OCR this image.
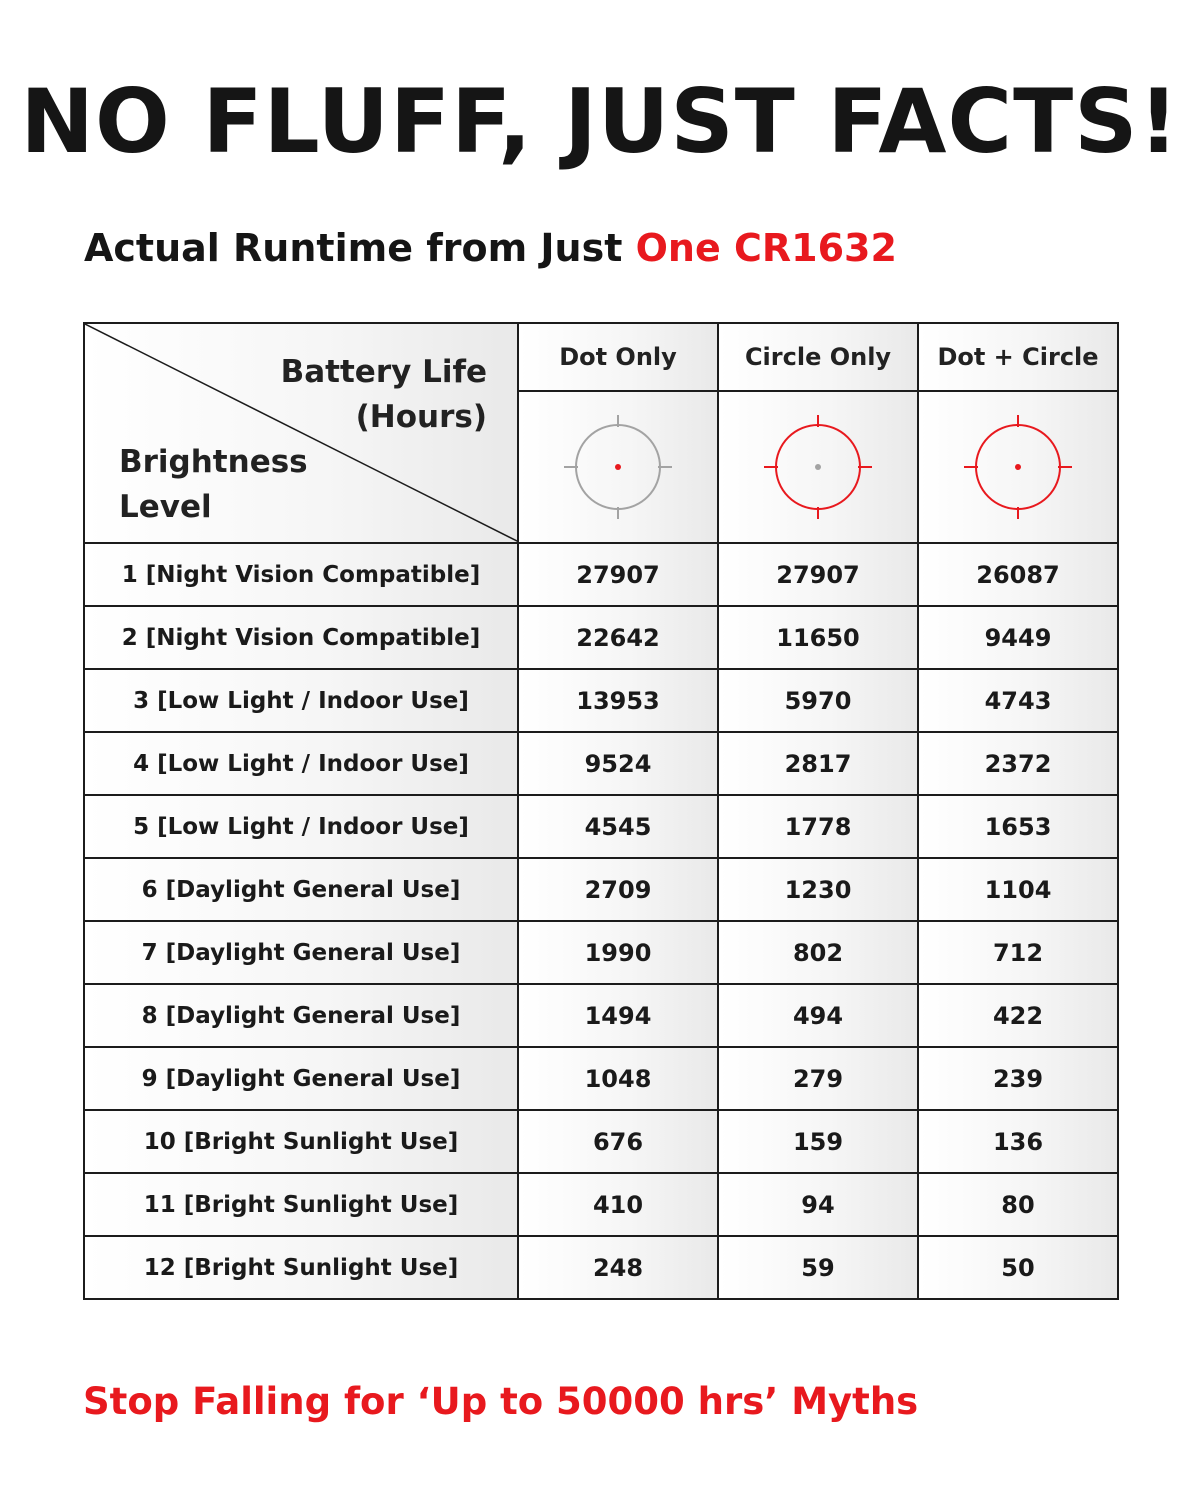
NO FLUFF, JUST FACTS!
Actual Runtime from Just One CR1632
Battery Life
(Hours)
Brightness
Level	Dot Only	Circle Only	Dot + Circle

1 [Night Vision Compatible]	27907	27907	26087
2 [Night Vision Compatible]	22642	11650	9449
3 [Low Light / Indoor Use]	13953	5970	4743
4 [Low Light / Indoor Use]	9524	2817	2372
5 [Low Light / Indoor Use]	4545	1778	1653
6 [Daylight General Use]	2709	1230	1104
7 [Daylight General Use]	1990	802	712
8 [Daylight General Use]	1494	494	422
9 [Daylight General Use]	1048	279	239
10 [Bright Sunlight Use]	676	159	136
11 [Bright Sunlight Use]	410	94	80
12 [Bright Sunlight Use]	248	59	50
Stop Falling for ‘Up to 50000 hrs’ Myths
